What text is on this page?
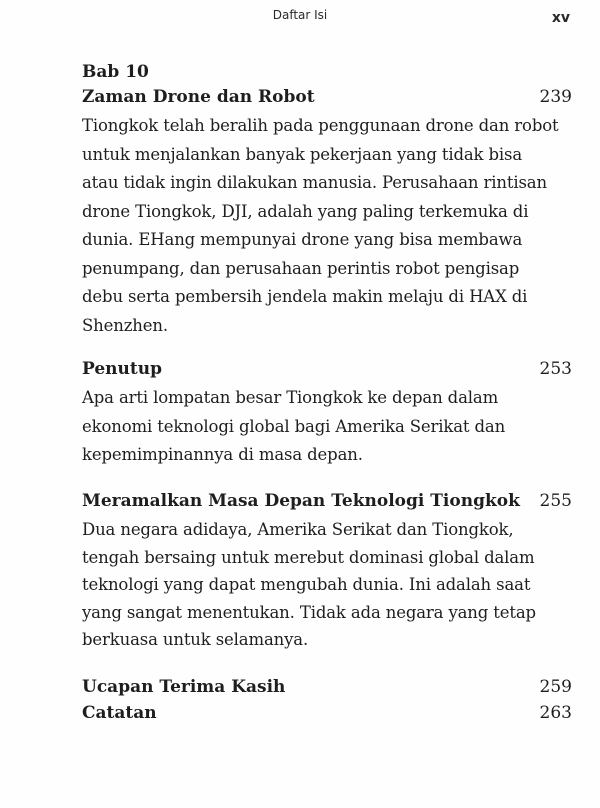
Daftar Isi	xv
Bab 10
Zaman Drone dan Robot	239
Tiongkok telah beralih pada penggunaan drone dan robot
untuk menjalankan banyak pekerjaan yang tidak bisa
atau tidak ingin dilakukan manusia. Perusahaan rintisan
drone Tiongkok, DJI, adalah yang paling terkemuka di
dunia. EHang mempunyai drone yang bisa membawa
penumpang, dan perusahaan perintis robot pengisap
debu serta pembersih jendela makin melaju di HAX di
Shenzhen.
Penutup	253
Apa arti lompatan besar Tiongkok ke depan dalam
ekonomi teknologi global bagi Amerika Serikat dan
kepemimpinannya di masa depan.
Meramalkan Masa Depan Teknologi Tiongkok	255
Dua negara adidaya, Amerika Serikat dan Tiongkok,
tengah bersaing untuk merebut dominasi global dalam
teknologi yang dapat mengubah dunia. Ini adalah saat
yang sangat menentukan. Tidak ada negara yang tetap
berkuasa untuk selamanya.
Ucapan Terima Kasih	259
Catatan	263
